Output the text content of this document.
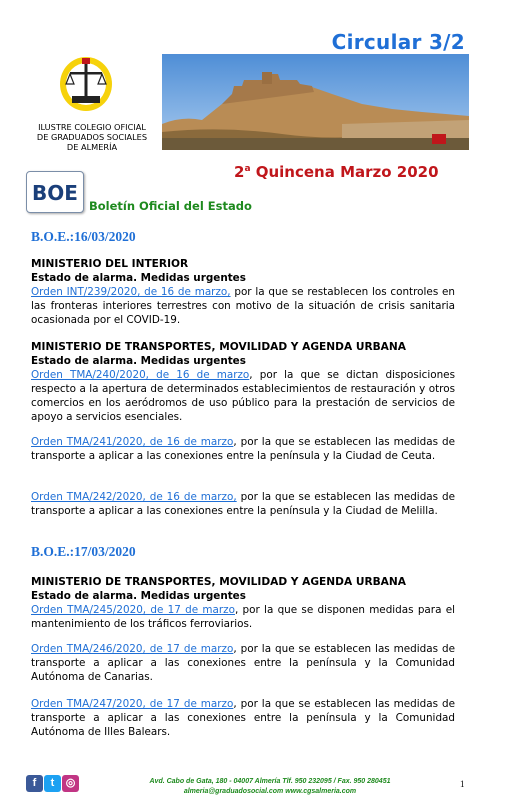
Circular 3/2
ILUSTRE COLEGIO OFICIAL
DE GRADUADOS SOCIALES
DE ALMERÍA
2$^a$ Quincena Marzo 2020
BOE
Boletín Oficial del Estado
B.O.E.:16/03/2020
MINISTERIO DEL INTERIOR
Estado de alarma. Medidas urgentes
Orden INT/239/2020, de 16 de marzo, por la que se restablecen los controles en las fronteras interiores terrestres con motivo de la situación de crisis sanitaria ocasionada por el COVID-19.
MINISTERIO DE TRANSPORTES, MOVILIDAD Y AGENDA URBANA
Estado de alarma. Medidas urgentes
Orden TMA/240/2020, de 16 de marzo, por la que se dictan disposiciones respecto a la apertura de determinados establecimientos de restauración y otros comercios en los aeródromos de uso público para la prestación de servicios de apoyo a servicios esenciales.
Orden TMA/241/2020, de 16 de marzo, por la que se establecen las medidas de transporte a aplicar a las conexiones entre la península y la Ciudad de Ceuta.
Orden TMA/242/2020, de 16 de marzo, por la que se establecen las medidas de transporte a aplicar a las conexiones entre la península y la Ciudad de Melilla.
B.O.E.:17/03/2020
MINISTERIO DE TRANSPORTES, MOVILIDAD Y AGENDA URBANA
Estado de alarma. Medidas urgentes
Orden TMA/245/2020, de 17 de marzo, por la que se disponen medidas para el mantenimiento de los tráficos ferroviarios.
Orden TMA/246/2020, de 17 de marzo, por la que se establecen las medidas de transporte a aplicar a las conexiones entre la península y la Comunidad Autónoma de Canarias.
Orden TMA/247/2020, de 17 de marzo, por la que se establecen las medidas de transporte a aplicar a las conexiones entre la península y la Comunidad Autónoma de Illes Balears.
f	t	◎	Avd. Cabo de Gata, 180 - 04007 Almería Tlf. 950 232095 / Fax. 950 280451
almeria@graduadosocial.com www.cgsalmeria.com
1
